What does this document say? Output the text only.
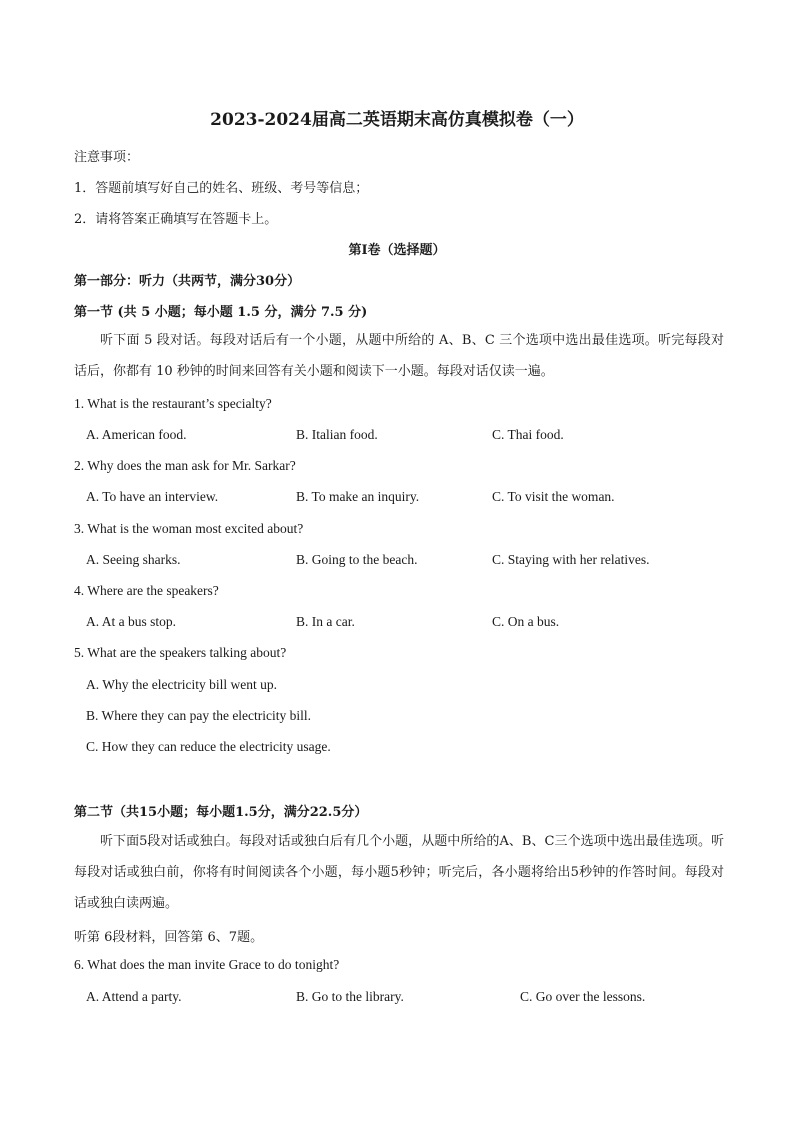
2023-2024届高二英语期末高仿真模拟卷（一）
注意事项：
1．答题前填写好自己的姓名、班级、考号等信息；
2．请将答案正确填写在答题卡上。
第I卷（选择题）
第一部分：听力（共两节，满分30分）
第一节 (共 5 小题；每小题 1.5 分，满分 7.5 分)
听下面 5 段对话。每段对话后有一个小题，从题中所给的 A、B、C 三个选项中选出最佳选项。听完每段对话后，你都有 10 秒钟的时间来回答有关小题和阅读下一小题。每段对话仅读一遍。
1. What is the restaurant’s specialty?
A. American food.	B. Italian food.	C. Thai food.
2. Why does the man ask for Mr. Sarkar?
A. To have an interview.	B. To make an inquiry.	C. To visit the woman.
3. What is the woman most excited about?
A. Seeing sharks.	B. Going to the beach.	C. Staying with her relatives.
4. Where are the speakers?
A. At a bus stop.	B. In a car.	C. On a bus.
5. What are the speakers talking about?
A. Why the electricity bill went up.
B. Where they can pay the electricity bill.
C. How they can reduce the electricity usage.
第二节（共15小题；每小题1.5分，满分22.5分）
听下面5段对话或独白。每段对话或独白后有几个小题，从题中所给的A、B、C三个选项中选出最佳选项。听每段对话或独白前，你将有时间阅读各个小题，每小题5秒钟；听完后，各小题将给出5秒钟的作答时间。每段对话或独白读两遍。
听第 6段材料，回答第 6、7题。
6. What does the man invite Grace to do tonight?
A. Attend a party.	B. Go to the library.	C. Go over the lessons.
